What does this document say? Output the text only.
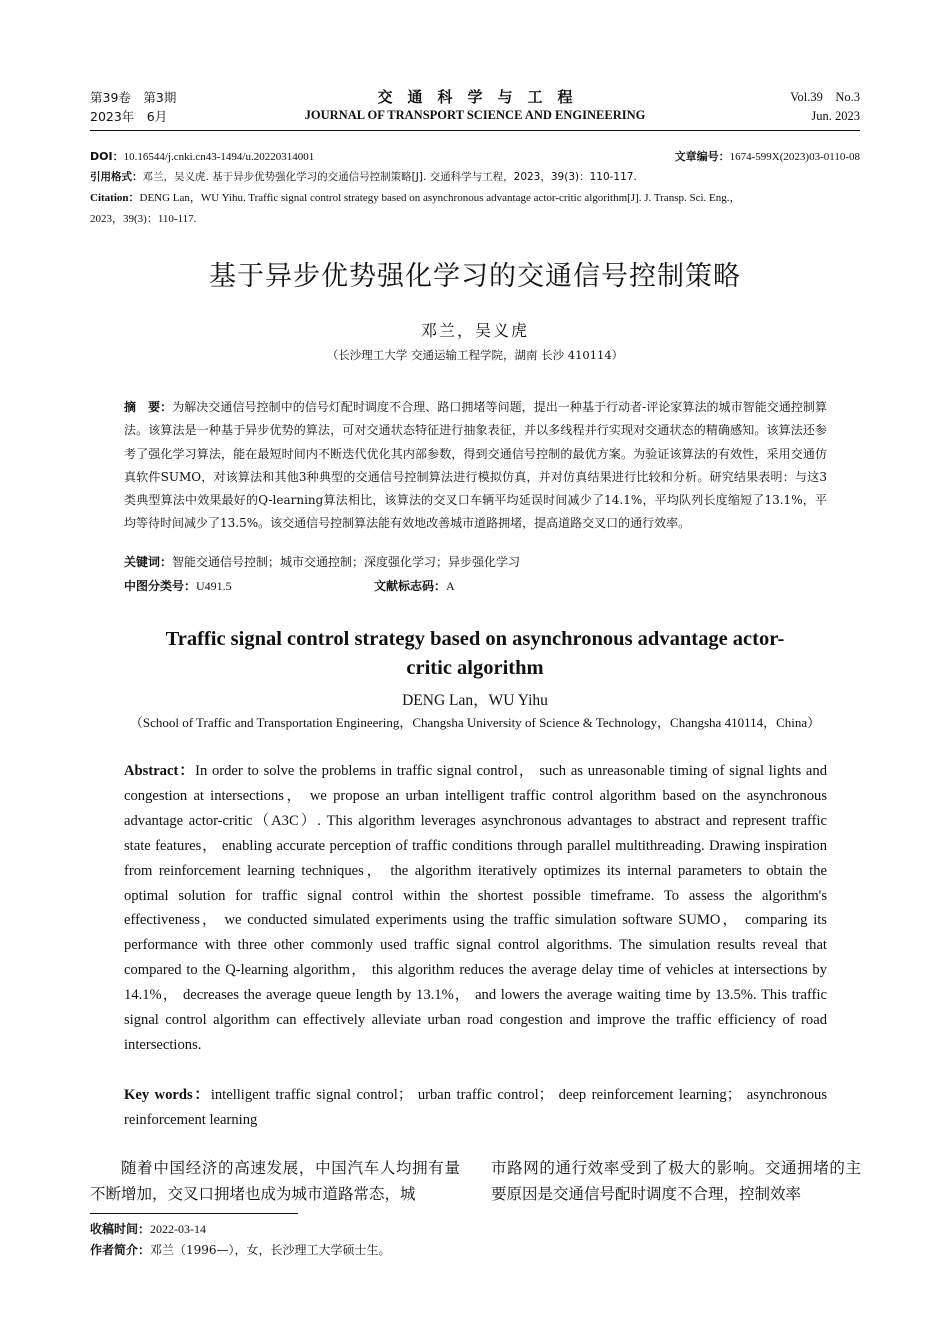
第39卷　第3期
2023年　6月
交　通　科　学　与　工　程
JOURNAL OF TRANSPORT SCIENCE AND ENGINEERING
Vol.39　No.3
Jun. 2023
DOI：10.16544/j.cnki.cn43-1494/u.20220314001	文章编号：1674-599X(2023)03-0110-08
引用格式：邓兰，吴义虎. 基于异步优势强化学习的交通信号控制策略[J]. 交通科学与工程，2023，39(3)：110-117.
Citation：DENG Lan，WU Yihu. Traffic signal control strategy based on asynchronous advantage actor-critic algorithm[J]. J. Transp. Sci. Eng.，
2023，39(3)：110-117.
基于异步优势强化学习的交通信号控制策略
邓兰，吴义虎
（长沙理工大学 交通运输工程学院，湖南 长沙 410114）
摘　要：为解决交通信号控制中的信号灯配时调度不合理、路口拥堵等问题，提出一种基于行动者-评论家算法的城市智能交通控制算法。该算法是一种基于异步优势的算法，可对交通状态特征进行抽象表征，并以多线程并行实现对交通状态的精确感知。该算法还参考了强化学习算法，能在最短时间内不断迭代优化其内部参数，得到交通信号控制的最优方案。为验证该算法的有效性，采用交通仿真软件SUMO，对该算法和其他3种典型的交通信号控制算法进行模拟仿真，并对仿真结果进行比较和分析。研究结果表明：与这3类典型算法中效果最好的Q-learning算法相比，该算法的交叉口车辆平均延误时间减少了14.1%，平均队列长度缩短了13.1%，平均等待时间减少了13.5%。该交通信号控制算法能有效地改善城市道路拥堵，提高道路交叉口的通行效率。
关键词：智能交通信号控制；城市交通控制；深度强化学习；异步强化学习
中图分类号：U491.5	文献标志码：A
Traffic signal control strategy based on asynchronous advantage actor-
critic algorithm
DENG Lan，WU Yihu
（School of Traffic and Transportation Engineering，Changsha University of Science & Technology，Changsha 410114，China）
Abstract：In order to solve the problems in traffic signal control， such as unreasonable timing of signal lights and congestion at intersections， we propose an urban intelligent traffic control algorithm based on the asynchronous advantage actor-critic（A3C）. This algorithm leverages asynchronous advantages to abstract and represent traffic state features， enabling accurate perception of traffic conditions through parallel multithreading. Drawing inspiration from reinforcement learning techniques， the algorithm iteratively optimizes its internal parameters to obtain the optimal solution for traffic signal control within the shortest possible timeframe. To assess the algorithm's effectiveness， we conducted simulated experiments using the traffic simulation software SUMO， comparing its performance with three other commonly used traffic signal control algorithms. The simulation results reveal that compared to the Q-learning algorithm， this algorithm reduces the average delay time of vehicles at intersections by 14.1%， decreases the average queue length by 13.1%， and lowers the average waiting time by 13.5%. This traffic signal control algorithm can effectively alleviate urban road congestion and improve the traffic efficiency of road intersections.
Key words：intelligent traffic signal control； urban traffic control； deep reinforcement learning； asynchronous reinforcement learning
随着中国经济的高速发展，中国汽车人均拥有量不断增加，交叉口拥堵也成为城市道路常态，城
市路网的通行效率受到了极大的影响。交通拥堵的主要原因是交通信号配时调度不合理，控制效率
收稿时间：2022-03-14
作者简介：邓兰（1996—），女，长沙理工大学硕士生。
